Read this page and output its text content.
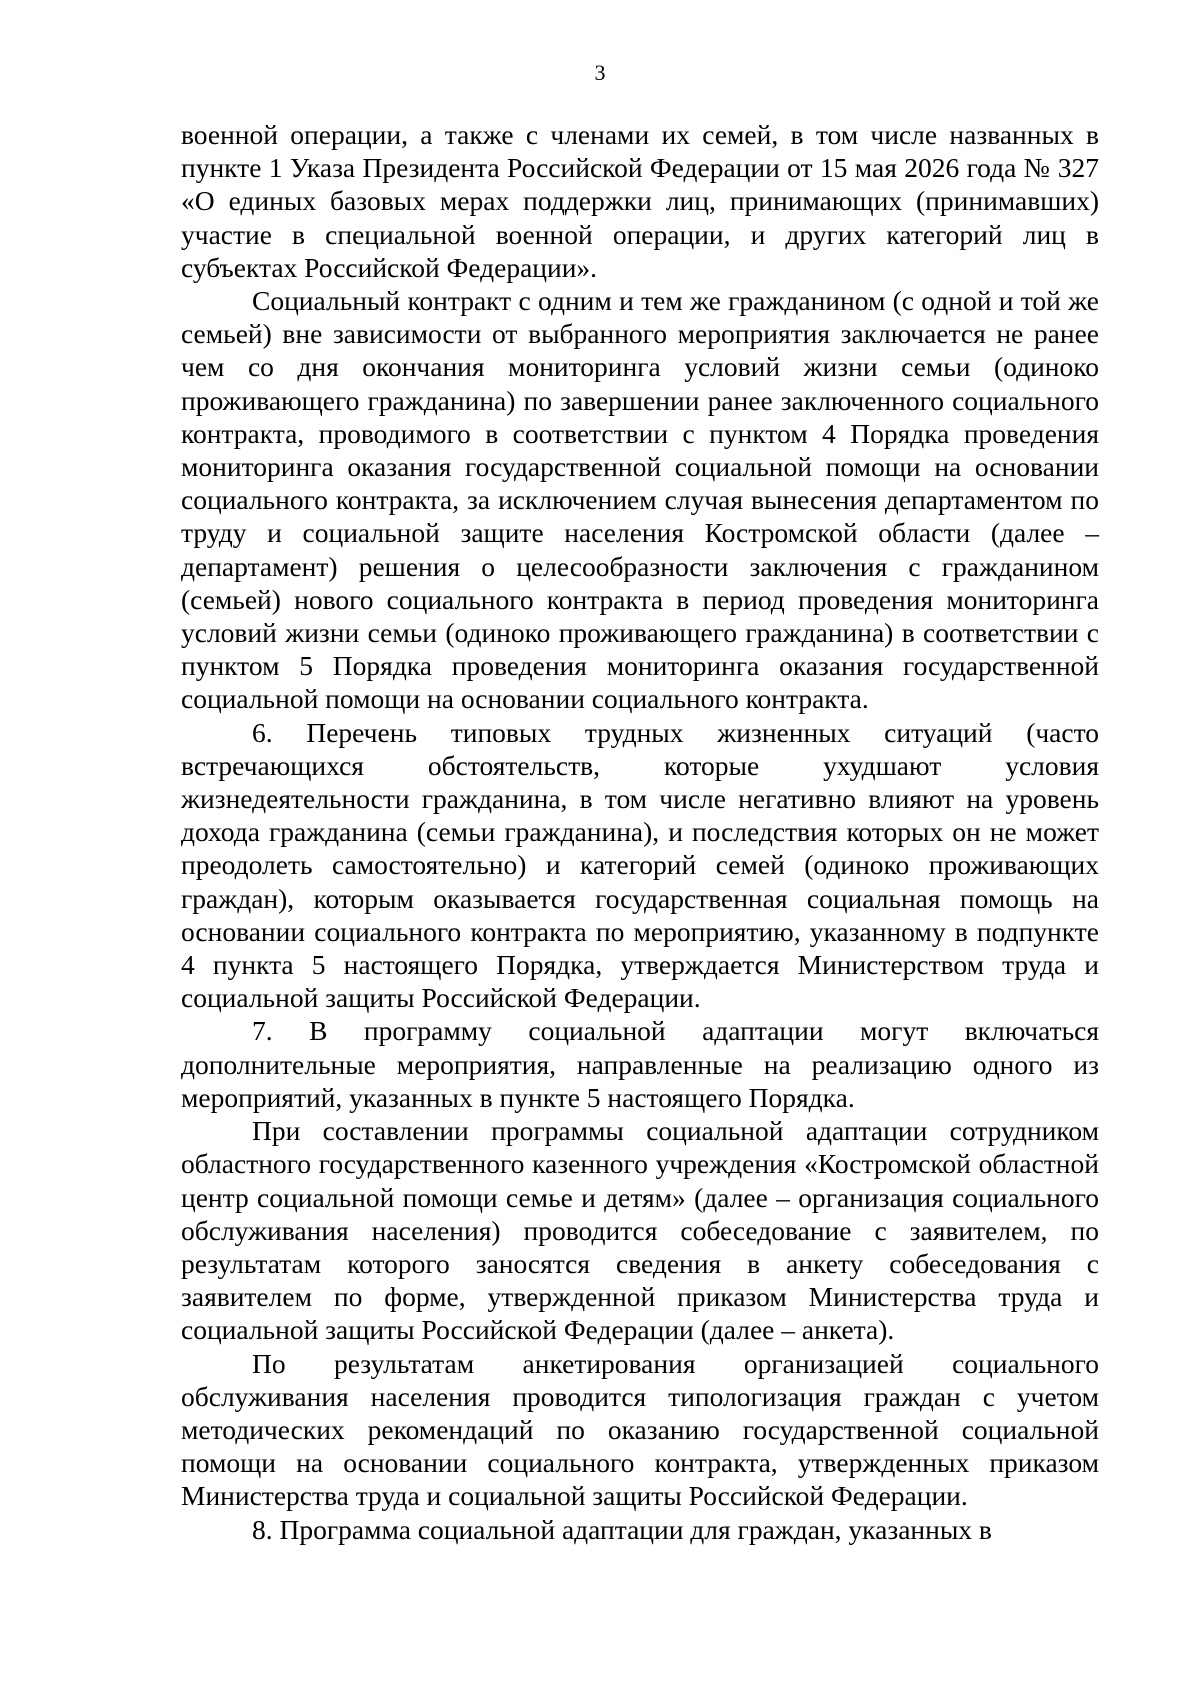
3

военной операции, а также с членами их семей, в том числе названных в пункте 1 Указа Президента Российской Федерации от 15 мая 2026 года № 327 «О единых базовых мерах поддержки лиц, принимающих (принимавших) участие в специальной военной операции, и других категорий лиц в субъектах Российской Федерации».

Социальный контракт с одним и тем же гражданином (с одной и той же семьей) вне зависимости от выбранного мероприятия заключается не ранее чем со дня окончания мониторинга условий жизни семьи (одиноко проживающего гражданина) по завершении ранее заключенного социального контракта, проводимого в соответствии с пунктом 4 Порядка проведения мониторинга оказания государственной социальной помощи на основании социального контракта, за исключением случая вынесения департаментом по труду и социальной защите населения Костромской области (далее – департамент) решения о целесообразности заключения с гражданином (семьей) нового социального контракта в период проведения мониторинга условий жизни семьи (одиноко проживающего гражданина) в соответствии с пунктом 5 Порядка проведения мониторинга оказания государственной социальной помощи на основании социального контракта.

6. Перечень типовых трудных жизненных ситуаций (часто встречающихся обстоятельств, которые ухудшают условия жизнедеятельности гражданина, в том числе негативно влияют на уровень дохода гражданина (семьи гражданина), и последствия которых он не может преодолеть самостоятельно) и категорий семей (одиноко проживающих граждан), которым оказывается государственная социальная помощь на основании социального контракта по мероприятию, указанному в подпункте 4 пункта 5 настоящего Порядка, утверждается Министерством труда и социальной защиты Российской Федерации.

7. В программу социальной адаптации могут включаться дополнительные мероприятия, направленные на реализацию одного из мероприятий, указанных в пункте 5 настоящего Порядка.

При составлении программы социальной адаптации сотрудником областного государственного казенного учреждения «Костромской областной центр социальной помощи семье и детям» (далее – организация социального обслуживания населения) проводится собеседование с заявителем, по результатам которого заносятся сведения в анкету собеседования с заявителем по форме, утвержденной приказом Министерства труда и социальной защиты Российской Федерации (далее – анкета).

По результатам анкетирования организацией социального обслуживания населения проводится типологизация граждан с учетом методических рекомендаций по оказанию государственной социальной помощи на основании социального контракта, утвержденных приказом Министерства труда и социальной защиты Российской Федерации.

8. Программа социальной адаптации для граждан, указанных в
